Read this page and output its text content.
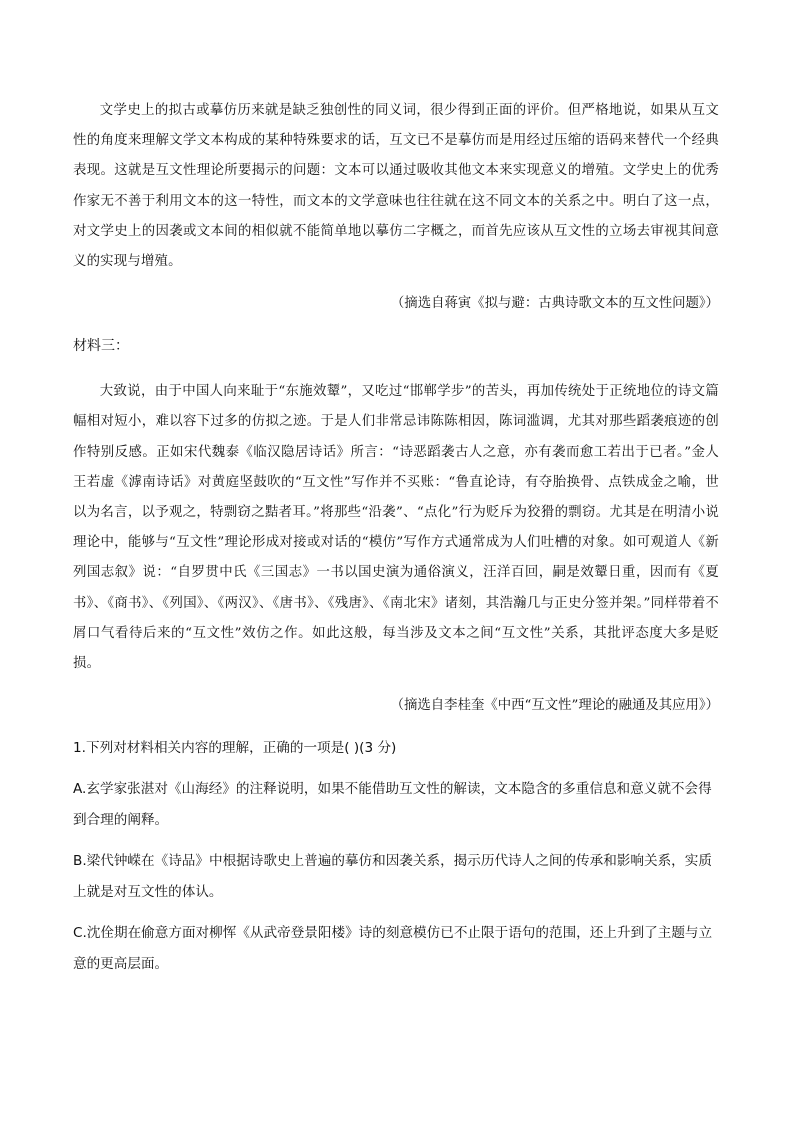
文学史上的拟古或摹仿历来就是缺乏独创性的同义词，很少得到正面的评价。但严格地说，如果从互文性的角度来理解文学文本构成的某种特殊要求的话，互文已不是摹仿而是用经过压缩的语码来替代一个经典表现。这就是互文性理论所要揭示的问题：文本可以通过吸收其他文本来实现意义的增殖。文学史上的优秀作家无不善于利用文本的这一特性，而文本的文学意味也往往就在这不同文本的关系之中。明白了这一点，对文学史上的因袭或文本间的相似就不能简单地以摹仿二字概之，而首先应该从互文性的立场去审视其间意义的实现与增殖。

（摘选自蒋寅《拟与避：古典诗歌文本的互文性问题》）

材料三：

大致说，由于中国人向来耻于“东施效颦”，又吃过“邯郸学步”的苦头，再加传统处于正统地位的诗文篇幅相对短小，难以容下过多的仿拟之迹。于是人们非常忌讳陈陈相因，陈词滥调，尤其对那些蹈袭痕迹的创作特别反感。正如宋代魏泰《临汉隐居诗话》所言：“诗恶蹈袭古人之意，亦有袭而愈工若出于已者。”金人王若虚《滹南诗话》对黄庭坚鼓吹的“互文性”写作并不买账：“鲁直论诗，有夺胎换骨、点铁成金之喻，世以为名言，以予观之，特剽窃之黠者耳。”将那些“沿袭”、“点化”行为贬斥为狡猾的剽窃。尤其是在明清小说理论中，能够与“互文性”理论形成对接或对话的“模仿”写作方式通常成为人们吐槽的对象。如可观道人《新列国志叙》说：“自罗贯中氏《三国志》一书以国史演为通俗演义，汪洋百回，嗣是效颦日重，因而有《夏书》、《商书》、《列国》、《两汉》、《唐书》、《残唐》、《南北宋》诸刻，其浩瀚几与正史分签并架。”同样带着不屑口气看待后来的“互文性”效仿之作。如此这般，每当涉及文本之间“互文性”关系，其批评态度大多是贬损。

（摘选自李桂奎《中西“互文性”理论的融通及其应用》）

1.下列对材料相关内容的理解，正确的一项是( )(3 分)

A.玄学家张湛对《山海经》的注释说明，如果不能借助互文性的解读，文本隐含的多重信息和意义就不会得到合理的阐释。

B.梁代钟嵘在《诗品》中根据诗歌史上普遍的摹仿和因袭关系，揭示历代诗人之间的传承和影响关系，实质上就是对互文性的体认。

C.沈佺期在偷意方面对柳恽《从武帝登景阳楼》诗的刻意模仿已不止限于语句的范围，还上升到了主题与立意的更高层面。
